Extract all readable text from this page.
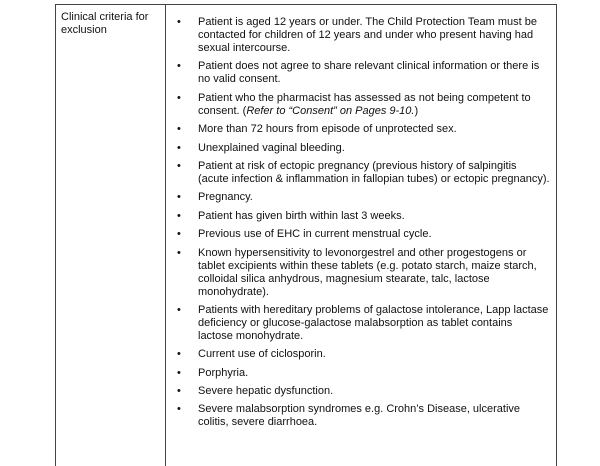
Clinical criteria for exclusion
• Patient is aged 12 years or under. The Child Protection Team must be contacted for children of 12 years and under who present having had sexual intercourse.
• Patient does not agree to share relevant clinical information or there is no valid consent.
• Patient who the pharmacist has assessed as not being competent to consent. (Refer to “Consent” on Pages 9-10.)
• More than 72 hours from episode of unprotected sex.
• Unexplained vaginal bleeding.
• Patient at risk of ectopic pregnancy (previous history of salpingitis (acute infection & inflammation in fallopian tubes) or ectopic pregnancy).
• Pregnancy.
• Patient has given birth within last 3 weeks.
• Previous use of EHC in current menstrual cycle.
• Known hypersensitivity to levonorgestrel and other progestogens or tablet excipients within these tablets (e.g. potato starch, maize starch, colloidal silica anhydrous, magnesium stearate, talc, lactose monohydrate).
• Patients with hereditary problems of galactose intolerance, Lapp lactase deficiency or glucose-galactose malabsorption as tablet contains lactose monohydrate.
• Current use of ciclosporin.
• Porphyria.
• Severe hepatic dysfunction.
• Severe malabsorption syndromes e.g. Crohn’s Disease, ulcerative colitis, severe diarrhoea.
